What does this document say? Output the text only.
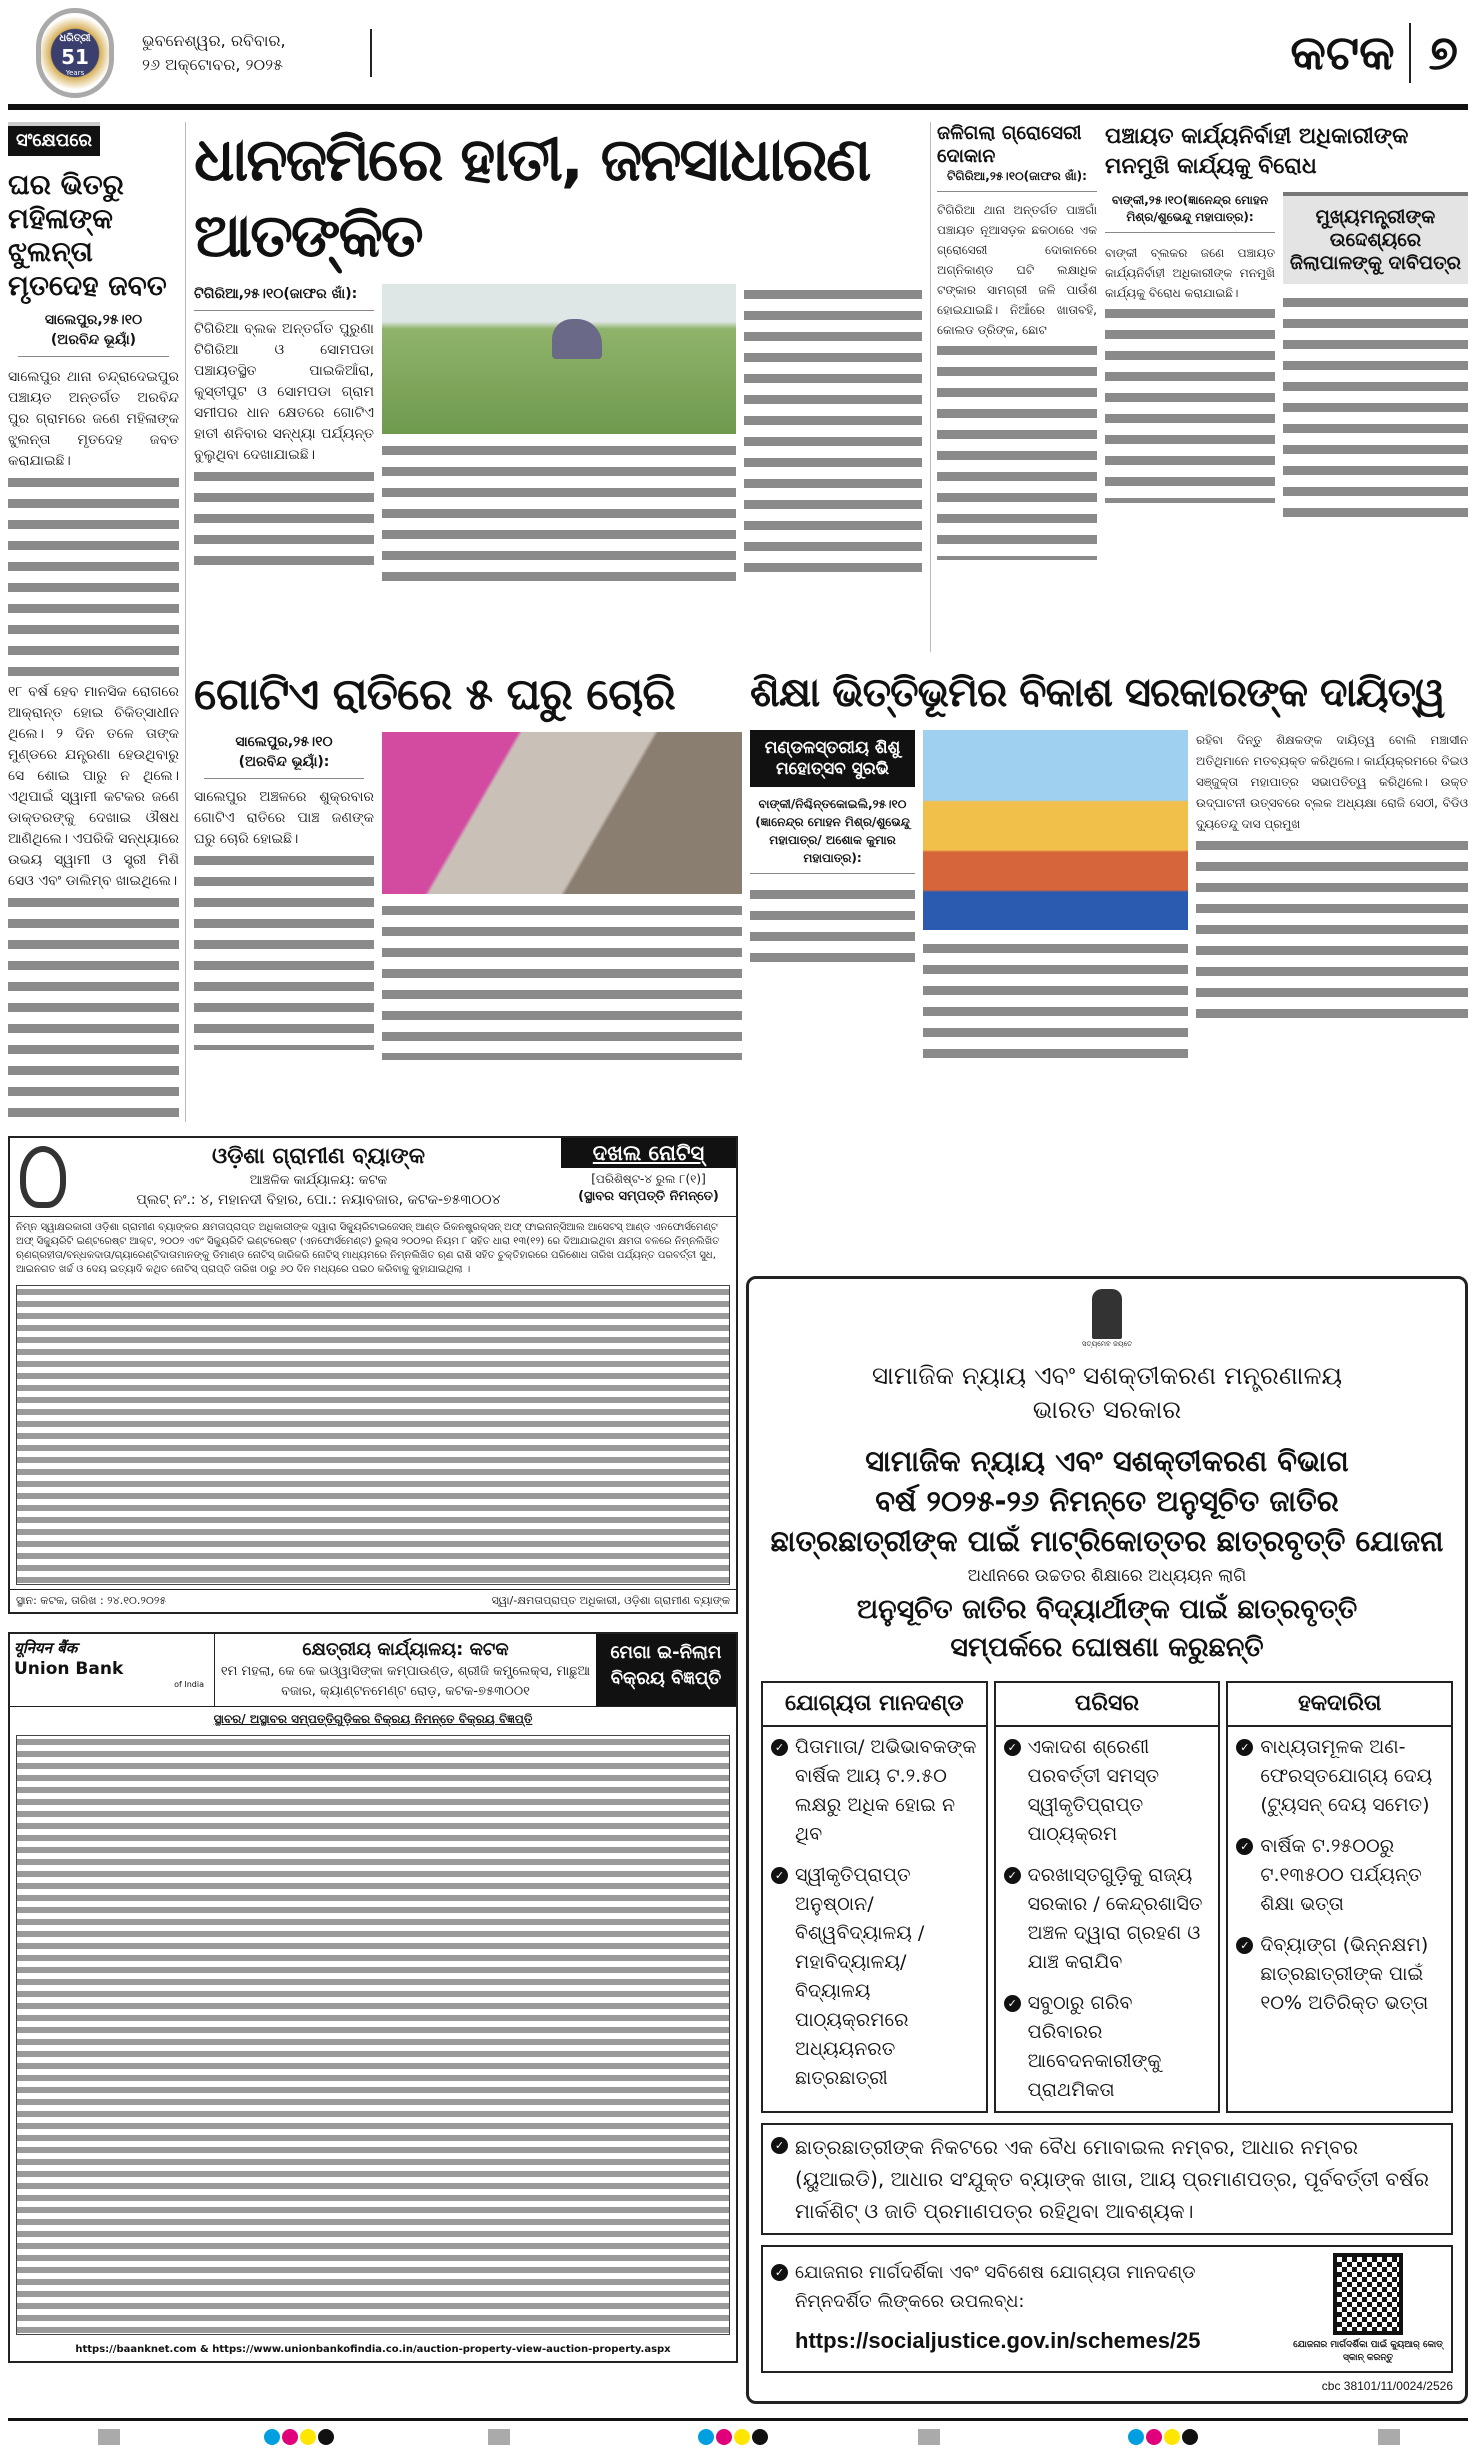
ଧରିତ୍ରୀ
51
Years
ଭୁବନେଶ୍ୱର, ରବିବାର,
୨୬ ଅକ୍ଟୋବର, ୨୦୨୫	କଟକ ୭
ସଂକ୍ଷେପରେ
ଘର ଭିତରୁ ମହିଳାଙ୍କ ଝୁଲନ୍ତା ମୃତଦେହ ଜବତ
ସାଲେପୁର,୨୫।୧୦
(ଅରବିନ୍ଦ ଭୂୟାଁ)
ସାଲେପୁର ଥାନା ଚନ୍ଦ୍ରାଦେଇପୁର ପଞ୍ଚାୟତ ଅନ୍ତର୍ଗତ ଅରବିନ୍ଦ ପୁର ଗ୍ରାମରେ ଜଣେ ମହିଳାଙ୍କ ଝୁଲନ୍ତା ମୃତଦେହ ଜବତ କରାଯାଇଛି।
୧୮ ବର୍ଷ ହେବ ମାନସିକ ରୋଗରେ ଆକ୍ରାନ୍ତ ହୋଇ ଚିକିତ୍ସାଧୀନ ଥିଲେ। ୨ ଦିନ ତଳେ ତାଙ୍କ ମୁଣ୍ଡରେ ଯନ୍ତ୍ରଣା ହେଉଥିବାରୁ ସେ ଶୋଇ ପାରୁ ନ ଥିଲେ। ଏଥିପାଇଁ ସ୍ୱାମୀ କଟକର ଜଣେ ଡାକ୍ତରଙ୍କୁ ଦେଖାଇ ଔଷଧ ଆଣିଥିଲେ। ଏପରିକି ସନ୍ଧ୍ୟାରେ ଉଭୟ ସ୍ୱାମୀ ଓ ସ୍ତ୍ରୀ ମିଶି ସେଓ ଏବଂ ଡାଲିମ୍ବ ଖାଇଥିଲେ।
ଧାନଜମିରେ ହାତୀ, ଜନସାଧାରଣ ଆତଙ୍କିତ
ଟିଗିରିଆ,୨୫।୧୦(ଜାଫର ଖାଁ):
ଟିଗିରିଆ ବ୍ଲକ ଅନ୍ତର୍ଗତ ପୁରୁଣା ଟିଗିରିଆ ଓ ସୋମପଡା ପଞ୍ଚାୟତସ୍ଥିତ ପାଇକିଆଁରା, କୁସ୍ତୀପୁଟ ଓ ସୋମପଡା ଗ୍ରାମ ସମୀପର ଧାନ କ୍ଷେତରେ ଗୋଟିଏ ହାତୀ ଶନିବାର ସନ୍ଧ୍ୟା ପର୍ଯ୍ୟନ୍ତ ବୁଲୁଥିବା ଦେଖାଯାଇଛି।
ଜଳିଗଲା ଗ୍ରୋସେରୀ ଦୋକାନ
ଟିଗିରିଆ,୨୫।୧୦(ଜାଫର ଖାଁ):
ଟିଗିରିଆ ଥାନା ଅନ୍ତର୍ଗତ ପାଞ୍ଚଗାଁ ପଞ୍ଚାୟତ ନୂଆସଡ଼କ ଛକଠାରେ ଏକ ଗ୍ରୋସେରୀ ଦୋକାନରେ ଅଗ୍ନିକାଣ୍ଡ ଘଟି ଲକ୍ଷାଧିକ ଟଙ୍କାର ସାମଗ୍ରୀ ଜଳି ପାଉଁଶ ହୋଇଯାଇଛି। ନିଆଁରେ ଖାତାବହି, କୋଲଡ ଡ୍ରିଙ୍କ, ଛୋଟ
ପଞ୍ଚାୟତ କାର୍ଯ୍ୟନିର୍ବାହୀ ଅଧିକାରୀଙ୍କ ମନମୁଖି କାର୍ଯ୍ୟକୁ ବିରୋଧ
ବାଙ୍କୀ,୨୫।୧୦(ଜ୍ଞାନେନ୍ଦ୍ର ମୋହନ ମିଶ୍ର/ଶୁଭେନ୍ଦୁ ମହାପାତ୍ର):
ବାଙ୍କୀ ବ୍ଲକର ଜଣେ ପଞ୍ଚାୟତ କାର୍ଯ୍ୟନିର୍ବାହୀ ଅଧିକାରୀଙ୍କ ମନମୁଖି କାର୍ଯ୍ୟକୁ ବିରୋଧ କରାଯାଇଛି।
ମୁଖ୍ୟମନ୍ତ୍ରୀଙ୍କ ଉଦ୍ଦେଶ୍ୟରେ ଜିଲାପାଳଙ୍କୁ ଦାବିପତ୍ର
ଗୋଟିଏ ରାତିରେ ୫ ଘରୁ ଚୋରି
ସାଲେପୁର,୨୫।୧୦
(ଅରବିନ୍ଦ ଭୂୟାଁ):
ସାଲେପୁର ଅଞ୍ଚଳରେ ଶୁକ୍ରବାର ଗୋଟିଏ ରାତିରେ ପାଞ୍ଚ ଜଣଙ୍କ ଘରୁ ଚୋରି ହୋଇଛି।
ଶିକ୍ଷା ଭିତ୍ତିଭୂମିର ବିକାଶ ସରକାରଙ୍କ ଦାୟିତ୍ୱ
ମଣ୍ଡଳସ୍ତରୀୟ ଶିଶୁ ମହୋତ୍ସବ ସୁରଭି
ବାଙ୍କୀ/ନିଶ୍ଚିନ୍ତକୋଇଲି,୨୫।୧୦ (ଜ୍ଞାନେନ୍ଦ୍ର ମୋହନ ମିଶ୍ର/ଶୁଭେନ୍ଦୁ ମହାପାତ୍ର/ ଅଶୋକ କୁମାର ମହାପାତ୍ର):
ରହିବା ଦିନ୍ତୁ ଶିକ୍ଷକଙ୍କ ଦାୟିତ୍ୱ ବୋଲି ମଞ୍ଚାସୀନ ଅତିଥିମାନେ ମତବ୍ୟକ୍ତ କରିଥିଲେ। କାର୍ଯ୍ୟକ୍ରମରେ ବିଇଓ ସଞ୍ଜୁକ୍ତା ମହାପାତ୍ର ସଭାପତିତ୍ୱ କରିଥିଲେ। ଉକ୍ତ ଉଦ୍‌ଘାଟନୀ ଉତ୍ସବରେ ବ୍ଲକ ଅଧ୍ୟକ୍ଷା ରୋଜି ସେଠୀ, ବିଡିଓ ଦ୍ୟୁତେନ୍ଦୁ ଦାସ ପ୍ରମୁଖ
ଓଡ଼ିଶା ଗ୍ରାମୀଣ ବ୍ୟାଙ୍କ
ଆଞ୍ଚଳିକ କାର୍ଯ୍ୟାଳୟ: କଟକ
ପ୍ଲଟ୍ ନଂ.: ୪, ମହାନଦୀ ବିହାର, ପୋ.: ନୟାବଜାର, କଟକ-୭୫୩୦୦୪
ଦଖଲ ନୋଟିସ୍
[ପରିଶିଷ୍ଟ-୪ ରୁଲ ୮(୧)]
(ସ୍ଥାବର ସମ୍ପତ୍ତି ନିମନ୍ତେ)
ନିମ୍ନ ସ୍ୱାକ୍ଷରକାରୀ ଓଡ଼ିଶା ଗ୍ରାମୀଣ ବ୍ୟାଙ୍କର କ୍ଷମତାପ୍ରାପ୍ତ ଅଧିକାରୀଙ୍କ ଦ୍ୱାରା ସିକ୍ୟୁରିଟାଇଜେସନ୍ ଆଣ୍ଡ ରିକନଷ୍ଟ୍ରକ୍ସନ୍ ଅଫ୍ ଫାଇନାନ୍‌ସିଆଲ ଆସେଟସ୍ ଆଣ୍ଡ ଏନଫୋର୍ସମେଣ୍ଟ ଅଫ୍ ସିକ୍ୟୁରିଟି ଇଣ୍ଟରେଷ୍ଟ ଆକ୍ଟ, ୨୦୦୨ ଏବଂ ସିକ୍ୟୁରିଟି ଇଣ୍ଟରେଷ୍ଟ (ଏନଫୋର୍ସମେଣ୍ଟ) ରୁଲ୍ସ ୨୦୦୨ର ନିୟମ ୮ ସହିତ ଧାରା ୧୩(୧୨) ରେ ଦିଆଯାଇଥିବା କ୍ଷମତା ବଳରେ ନିମ୍ନଲିଖିତ ଋଣଗ୍ରହୀତା/ବନ୍ଧକଦାତା/ଗ୍ୟାରେଣ୍ଟିଦାତାମାନଙ୍କୁ ଡିମାଣ୍ଡ ନୋଟିସ୍ ଜାରିକରି ନୋଟିସ୍ ମାଧ୍ୟମରେ ନିମ୍ନଲିଖିତ ଋଣ ରାଶି ସହିତ ଚୁକ୍ତିହାରରେ ପରିଶୋଧ ତାରିଖ ପର୍ଯ୍ୟନ୍ତ ପରବର୍ତ୍ତୀ ସୁଧ, ଆଇନଗତ ଖର୍ଚ୍ଚ ଓ ଦେୟ ଇତ୍ୟାଦି କଥିତ ନୋଟିସ୍ ପ୍ରାପ୍ତି ତାରିଖ ଠାରୁ ୬୦ ଦିନ ମଧ୍ୟରେ ପଇଠ କରିବାକୁ କୁହାଯାଇଥିଲା ।
ସ୍ଥାନ: କଟକ, ତାରିଖ : ୨୪.୧୦.୨୦୨୫	ସ୍ୱା/-କ୍ଷମତାପ୍ରାପ୍ତ ଅଧିକାରୀ, ଓଡ଼ିଶା ଗ୍ରାମୀଣ ବ୍ୟାଙ୍କ
यूनियन बैंक
Union Bank
of India
କ୍ଷେତ୍ରୀୟ କାର୍ଯ୍ୟାଳୟ: କଟକ
୧ମ ମହଲା, କେ କେ ଭଓ୍ୱାସିଙ୍କା କମ୍ପାଉଣ୍ଡ, ଶ୍ରୀଜି କମ୍ପ୍ଲେକ୍ସ, ମାଛୁଆ ବଜାର, କ୍ୟାଣ୍ଟନମେଣ୍ଟ ରୋଡ଼, କଟକ-୭୫୩୦୦୧
ମେଗା ଇ-ନିଲାମ ବିକ୍ରୟ ବିଜ୍ଞପ୍ତି
ସ୍ଥାବର/ ଅସ୍ଥାବର ସମ୍ପତ୍ତିଗୁଡ଼ିକର ବିକ୍ରୟ ନିମନ୍ତେ ବିକ୍ରୟ ବିଜ୍ଞପ୍ତି
https://baanknet.com & https://www.unionbankofindia.co.in/auction-property-view-auction-property.aspx
ସତ୍ୟମେବ ଜୟତେ
ସାମାଜିକ ନ୍ୟାୟ ଏବଂ ସଶକ୍ତୀକରଣ ମନ୍ତ୍ରଣାଳୟ
ଭାରତ ସରକାର
ସାମାଜିକ ନ୍ୟାୟ ଏବଂ ସଶକ୍ତୀକରଣ ବିଭାଗ
ବର୍ଷ ୨୦୨୫-୨୬ ନିମନ୍ତେ ଅନୁସୂଚିତ ଜାତିର
ଛାତ୍ରଛାତ୍ରୀଙ୍କ ପାଇଁ ମାଟ୍ରିକୋତ୍ତର ଛାତ୍ରବୃତ୍ତି ଯୋଜନା
ଅଧୀନରେ ଉଚ୍ଚତର ଶିକ୍ଷାରେ ଅଧ୍ୟୟନ ଲାଗି
ଅନୁସୂଚିତ ଜାତିର ବିଦ୍ୟାର୍ଥୀଙ୍କ ପାଇଁ ଛାତ୍ରବୃତ୍ତି
ସମ୍ପର୍କରେ ଘୋଷଣା କରୁଛନ୍ତି
ଯୋଗ୍ୟତା ମାନଦଣ୍ଡ
✓ ପିତାମାତା/ ଅଭିଭାବକଙ୍କ ବାର୍ଷିକ ଆୟ ଟ.୨.୫୦ ଲକ୍ଷରୁ ଅଧିକ ହୋଇ ନ ଥିବ
✓ ସ୍ୱୀକୃତିପ୍ରାପ୍ତ ଅନୁଷ୍ଠାନ/ ବିଶ୍ୱବିଦ୍ୟାଳୟ / ମହାବିଦ୍ୟାଳୟ/ ବିଦ୍ୟାଳୟ ପାଠ୍ୟକ୍ରମରେ ଅଧ୍ୟୟନରତ ଛାତ୍ରଛାତ୍ରୀ
ପରିସର
✓ ଏକାଦଶ ଶ୍ରେଣୀ ପରବର୍ତ୍ତୀ ସମସ୍ତ ସ୍ୱୀକୃତିପ୍ରାପ୍ତ ପାଠ୍ୟକ୍ରମ
✓ ଦରଖାସ୍ତଗୁଡ଼ିକୁ ରାଜ୍ୟ ସରକାର / କେନ୍ଦ୍ରଶାସିତ ଅଞ୍ଚଳ ଦ୍ୱାରା ଗ୍ରହଣ ଓ ଯାଞ୍ଚ କରାଯିବ
✓ ସବୁଠାରୁ ଗରିବ ପରିବାରର ଆବେଦନକାରୀଙ୍କୁ ପ୍ରାଥମିକତା
ହକଦାରିତା
✓ ବାଧ୍ୟତାମୂଳକ ଅଣ-ଫେରସ୍ତଯୋଗ୍ୟ ଦେୟ (ଟ୍ୟୁସନ୍ ଦେୟ ସମେତ)
✓ ବାର୍ଷିକ ଟ.୨୫୦୦ରୁ ଟ.୧୩୫୦୦ ପର୍ଯ୍ୟନ୍ତ ଶିକ୍ଷା ଭତ୍ତା
✓ ଦିବ୍ୟାଙ୍ଗ (ଭିନ୍ନକ୍ଷମ) ଛାତ୍ରଛାତ୍ରୀଙ୍କ ପାଇଁ ୧୦% ଅତିରିକ୍ତ ଭତ୍ତା
✓ ଛାତ୍ରଛାତ୍ରୀଙ୍କ ନିକଟରେ ଏକ ବୈଧ ମୋବାଇଲ ନମ୍ବର, ଆଧାର ନମ୍ବର (ୟୁଆଇଡି), ଆଧାର ସଂଯୁକ୍ତ ବ୍ୟାଙ୍କ ଖାତା, ଆୟ ପ୍ରମାଣପତ୍ର, ପୂର୍ବବର୍ତ୍ତୀ ବର୍ଷର ମାର୍କଶିଟ୍ ଓ ଜାତି ପ୍ରମାଣପତ୍ର ରହିଥିବା ଆବଶ୍ୟକ।
✓ ଯୋଜନାର ମାର୍ଗଦର୍ଶିକା ଏବଂ ସବିଶେଷ ଯୋଗ୍ୟତା ମାନଦଣ୍ଡ ନିମ୍ନଦର୍ଶିତ ଲିଙ୍କରେ ଉପଲବ୍ଧ:
https://socialjustice.gov.in/schemes/25	ଯୋଜନାର ମାର୍ଗଦର୍ଶିକା ପାଇଁ କ୍ୟୁଆର୍ କୋଡ୍ ସ୍କାନ୍ କରନ୍ତୁ
cbc 38101/11/0024/2526
